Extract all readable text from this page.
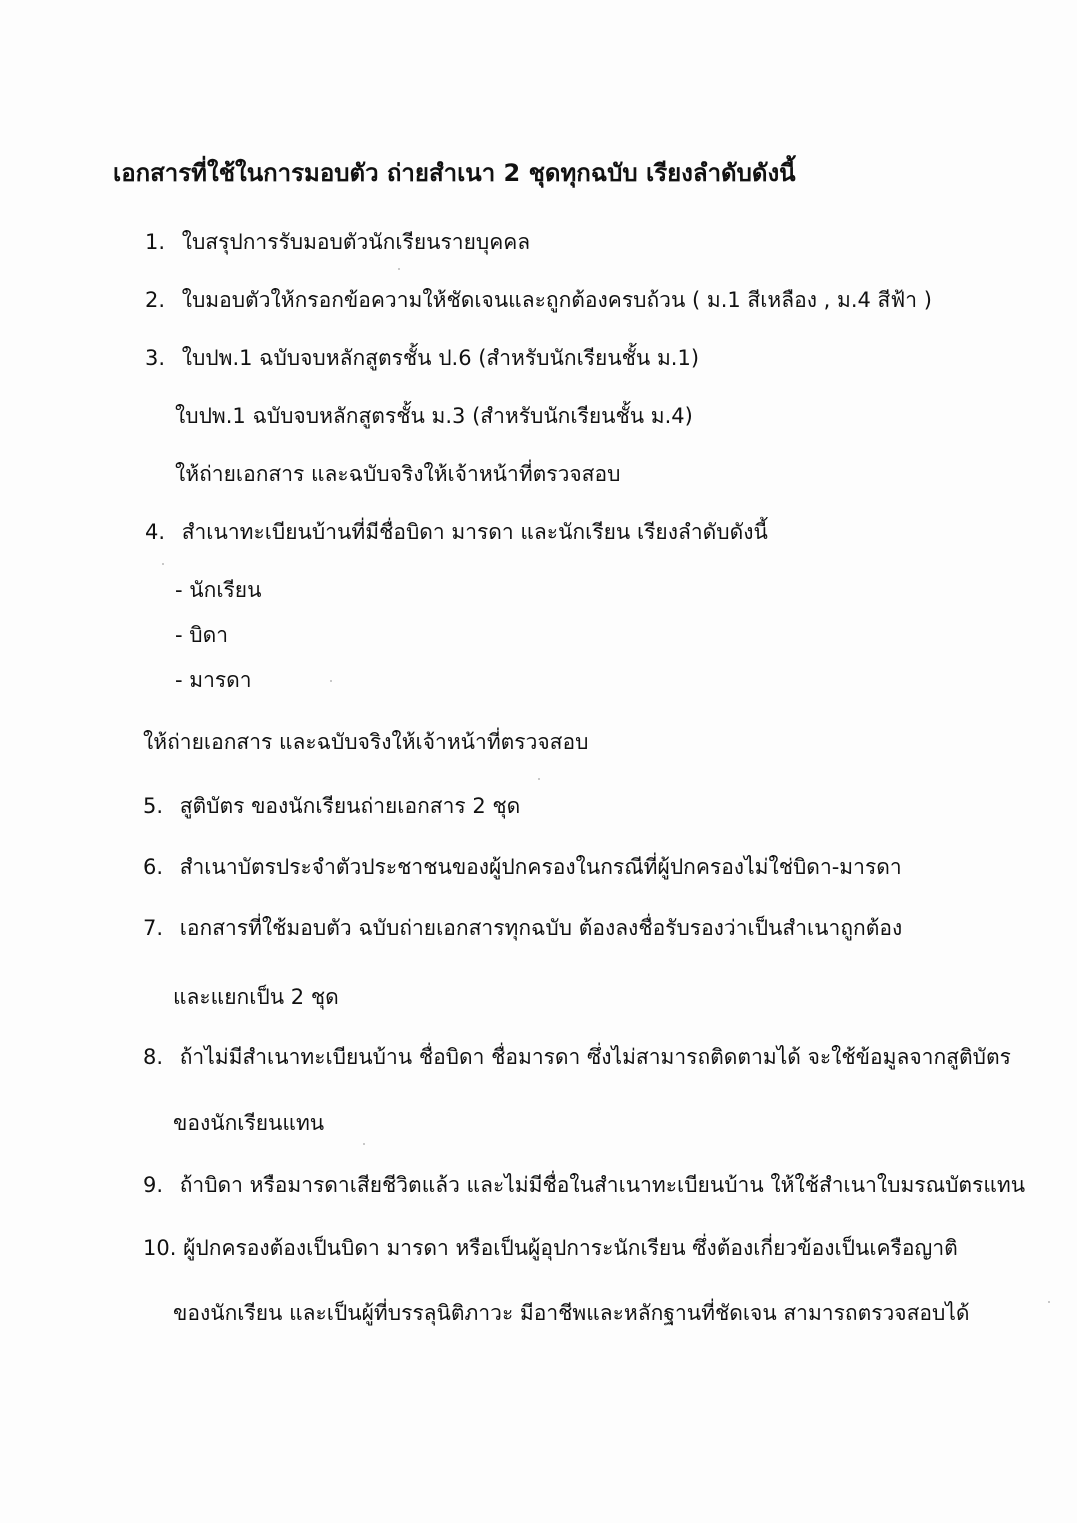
เอกสารที่ใช้ในการมอบตัว ถ่ายสำเนา 2 ชุดทุกฉบับ เรียงลำดับดังนี้
1. ใบสรุปการรับมอบตัวนักเรียนรายบุคคล
2. ใบมอบตัวให้กรอกข้อความให้ชัดเจนและถูกต้องครบถ้วน ( ม.1 สีเหลือง , ม.4 สีฟ้า )
3. ใบปพ.1 ฉบับจบหลักสูตรชั้น ป.6 (สำหรับนักเรียนชั้น ม.1)
ใบปพ.1 ฉบับจบหลักสูตรชั้น ม.3 (สำหรับนักเรียนชั้น ม.4)
ให้ถ่ายเอกสาร และฉบับจริงให้เจ้าหน้าที่ตรวจสอบ
4. สำเนาทะเบียนบ้านที่มีชื่อบิดา มารดา และนักเรียน เรียงลำดับดังนี้
- นักเรียน
- บิดา
- มารดา
ให้ถ่ายเอกสาร และฉบับจริงให้เจ้าหน้าที่ตรวจสอบ
5. สูติบัตร ของนักเรียนถ่ายเอกสาร 2 ชุด
6. สำเนาบัตรประจำตัวประชาชนของผู้ปกครองในกรณีที่ผู้ปกครองไม่ใช่บิดา-มารดา
7. เอกสารที่ใช้มอบตัว ฉบับถ่ายเอกสารทุกฉบับ ต้องลงชื่อรับรองว่าเป็นสำเนาถูกต้อง
และแยกเป็น 2 ชุด
8. ถ้าไม่มีสำเนาทะเบียนบ้าน ชื่อบิดา ชื่อมารดา ซึ่งไม่สามารถติดตามได้ จะใช้ข้อมูลจากสูติบัตร
ของนักเรียนแทน
9. ถ้าบิดา หรือมารดาเสียชีวิตแล้ว และไม่มีชื่อในสำเนาทะเบียนบ้าน ให้ใช้สำเนาใบมรณบัตรแทน
10. ผู้ปกครองต้องเป็นบิดา มารดา หรือเป็นผู้อุปการะนักเรียน ซึ่งต้องเกี่ยวข้องเป็นเครือญาติ
ของนักเรียน และเป็นผู้ที่บรรลุนิติภาวะ มีอาชีพและหลักฐานที่ชัดเจน สามารถตรวจสอบได้
